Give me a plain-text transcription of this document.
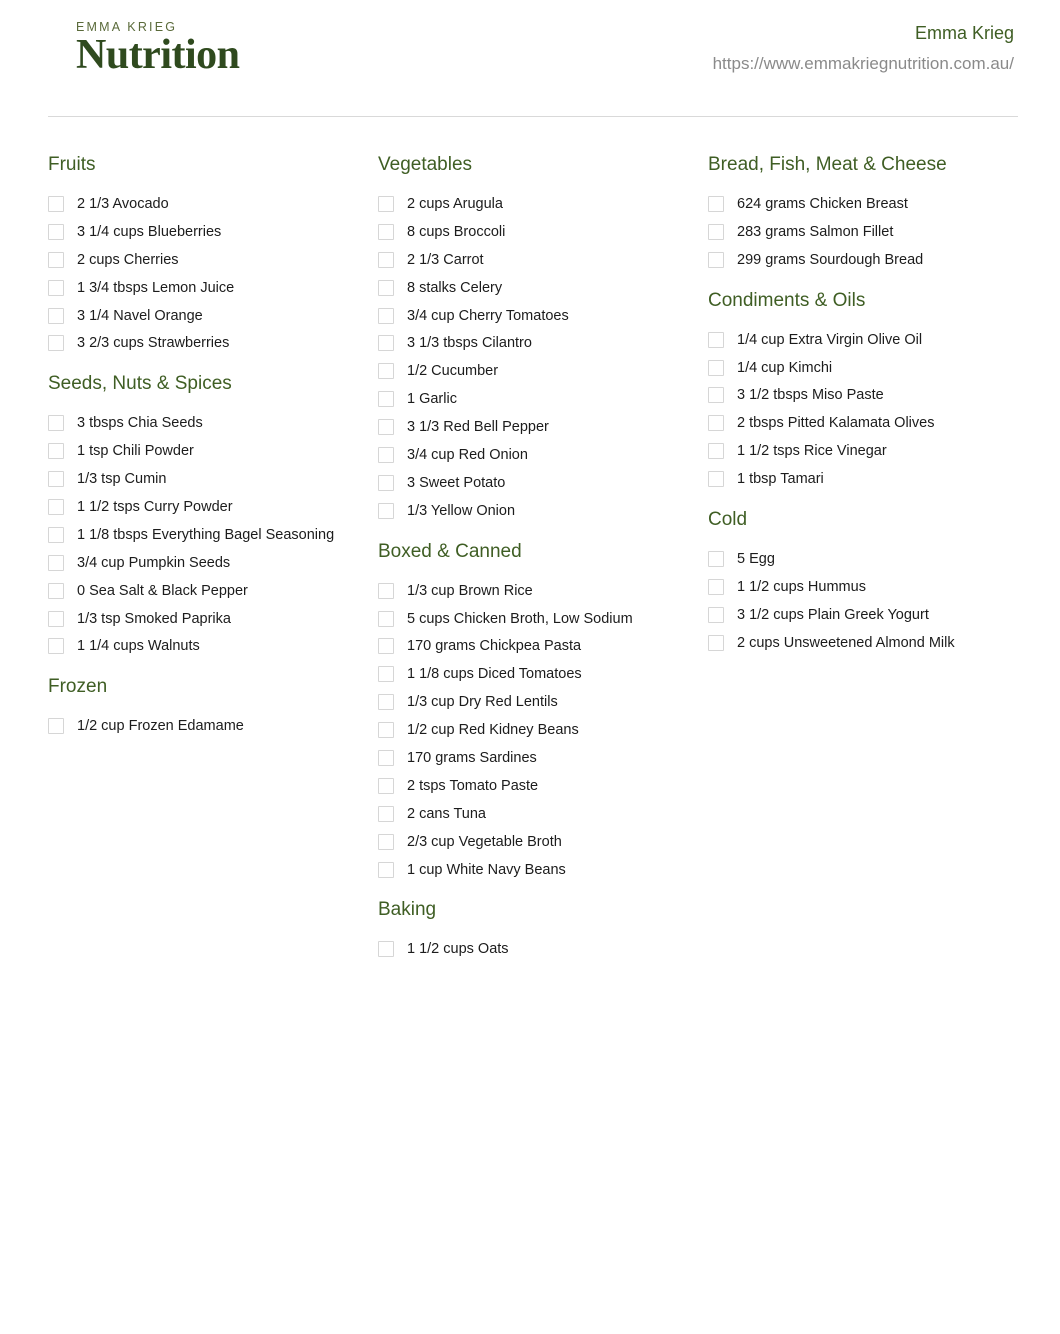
EMMA KRIEG
Nutrition	Emma Krieg
https://www.emmakriegnutrition.com.au/
Fruits
2 1/3 Avocado
3 1/4 cups Blueberries
2 cups Cherries
1 3/4 tbsps Lemon Juice
3 1/4 Navel Orange
3 2/3 cups Strawberries
Seeds, Nuts & Spices
3 tbsps Chia Seeds
1 tsp Chili Powder
1/3 tsp Cumin
1 1/2 tsps Curry Powder
1 1/8 tbsps Everything Bagel Seasoning
3/4 cup Pumpkin Seeds
0 Sea Salt & Black Pepper
1/3 tsp Smoked Paprika
1 1/4 cups Walnuts
Frozen
1/2 cup Frozen Edamame
Vegetables
2 cups Arugula
8 cups Broccoli
2 1/3 Carrot
8 stalks Celery
3/4 cup Cherry Tomatoes
3 1/3 tbsps Cilantro
1/2 Cucumber
1 Garlic
3 1/3 Red Bell Pepper
3/4 cup Red Onion
3 Sweet Potato
1/3 Yellow Onion
Boxed & Canned
1/3 cup Brown Rice
5 cups Chicken Broth, Low Sodium
170 grams Chickpea Pasta
1 1/8 cups Diced Tomatoes
1/3 cup Dry Red Lentils
1/2 cup Red Kidney Beans
170 grams Sardines
2 tsps Tomato Paste
2 cans Tuna
2/3 cup Vegetable Broth
1 cup White Navy Beans
Baking
1 1/2 cups Oats
Bread, Fish, Meat & Cheese
624 grams Chicken Breast
283 grams Salmon Fillet
299 grams Sourdough Bread
Condiments & Oils
1/4 cup Extra Virgin Olive Oil
1/4 cup Kimchi
3 1/2 tbsps Miso Paste
2 tbsps Pitted Kalamata Olives
1 1/2 tsps Rice Vinegar
1 tbsp Tamari
Cold
5 Egg
1 1/2 cups Hummus
3 1/2 cups Plain Greek Yogurt
2 cups Unsweetened Almond Milk
